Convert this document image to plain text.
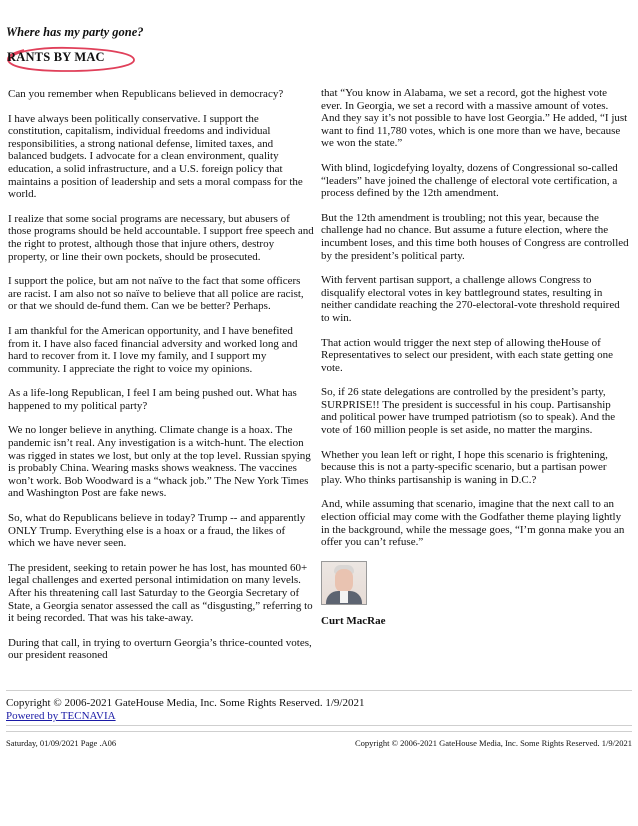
Where has my party gone?

RANTS BY MAC

Can you remember when Republicans believed in democracy?

I have always been politically conservative. I support the constitution, capitalism, individual freedoms and individual responsibilities, a strong national defense, limited taxes, and balanced budgets. I advocate for a clean environment, quality education, a solid infrastructure, and a U.S. foreign policy that maintains a position of leadership and sets a moral compass for the world.

I realize that some social programs are necessary, but abusers of those programs should be held accountable. I support free speech and the right to protest, although those that injure others, destroy property, or line their own pockets, should be prosecuted.

I support the police, but am not naïve to the fact that some officers are racist. I am also not so naïve to believe that all police are racist, or that we should de-fund them. Can we be better? Perhaps.

I am thankful for the American opportunity, and I have benefited from it. I have also faced financial adversity and worked long and hard to recover from it. I love my family, and I support my community. I appreciate the right to voice my opinions.

As a life-long Republican, I feel I am being pushed out. What has happened to my political party?

We no longer believe in anything. Climate change is a hoax. The pandemic isn’t real. Any investigation is a witch-hunt. The election was rigged in states we lost, but only at the top level. Russian spying is probably China. Wearing masks shows weakness. The vaccines won’t work. Bob Woodward is a “whack job.” The New York Times and Washington Post are fake news.

So, what do Republicans believe in today? Trump -- and apparently ONLY Trump. Everything else is a hoax or a fraud, the likes of which we have never seen.

The president, seeking to retain power he has lost, has mounted 60+ legal challenges and exerted personal intimidation on many levels. After his threatening call last Saturday to the Georgia Secretary of State, a Georgia senator assessed the call as “disgusting,” referring to it being recorded. That was his take-away.

During that call, in trying to overturn Georgia’s thrice-counted votes, our president reasoned

that “You know in Alabama, we set a record, got the highest vote ever. In Georgia, we set a record with a massive amount of votes. And they say it’s not possible to have lost Georgia.” He added, “I just want to find 11,780 votes, which is one more than we have, because we won the state.”

With blind, logicdefying loyalty, dozens of Congressional so-called “leaders” have joined the challenge of electoral vote certification, a process defined by the 12th amendment.

But the 12th amendment is troubling; not this year, because the challenge had no chance. But assume a future election, where the incumbent loses, and this time both houses of Congress are controlled by the president’s political party.

With fervent partisan support, a challenge allows Congress to disqualify electoral votes in key battleground states, resulting in neither candidate reaching the 270-electoral-vote threshold required to win.

That action would trigger the next step of allowing theHouse of Representatives to select our president, with each state getting one vote.

So, if 26 state delegations are controlled by the president’s party, SURPRISE!! The president is successful in his coup. Partisanship and political power have trumped patriotism (so to speak). And the vote of 160 million people is set aside, no matter the margins.

Whether you lean left or right, I hope this scenario is frightening, because this is not a party-specific scenario, but a partisan power play. Who thinks partisanship is waning in D.C.?

And, while assuming that scenario, imagine that the next call to an election official may come with the Godfather theme playing lightly in the background, while the message goes, “I’m gonna make you an offer you can’t refuse.”

Curt MacRae

Copyright © 2006-2021 GateHouse Media, Inc. Some Rights Reserved. 1/9/2021

Powered by TECNAVIA
Saturday, 01/09/2021 Page .A06	Copyright © 2006-2021 GateHouse Media, Inc. Some Rights Reserved. 1/9/2021
